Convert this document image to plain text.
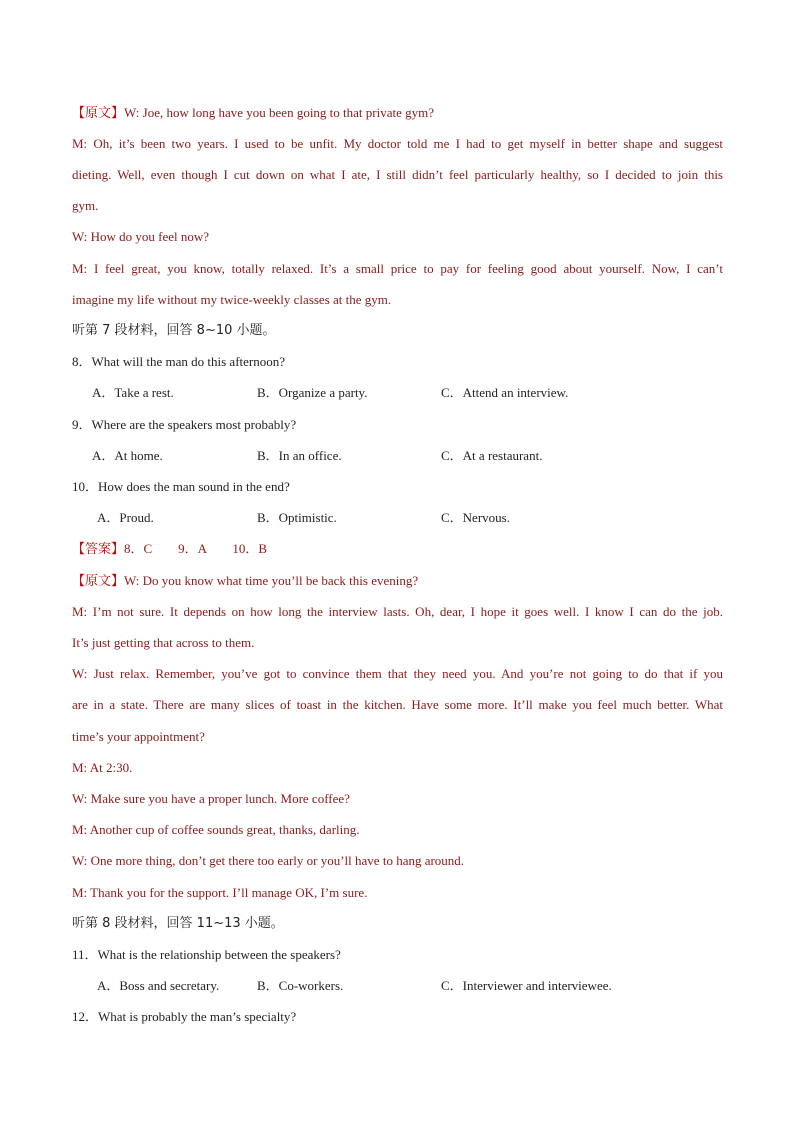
【原文】W: Joe, how long have you been going to that private gym?
M: Oh, it’s been two years. I used to be unfit. My doctor told me I had to get myself in better shape and suggest
dieting. Well, even though I cut down on what I ate, I still didn’t feel particularly healthy, so I decided to join this
gym.
W: How do you feel now?
M: I feel great, you know, totally relaxed. It’s a small price to pay for feeling good about yourself. Now, I can’t
imagine my life without my twice-weekly classes at the gym.
听第 7 段材料，回答 8~10 小题。
8．What will the man do this afternoon?
A．Take a rest.	B．Organize a party.	C．Attend an interview.
9．Where are the speakers most probably?
A．At home.	B．In an office.	C．At a restaurant.
10．How does the man sound in the end?
A．Proud.	B．Optimistic.	C．Nervous.
【答案】8．C　　9．A　　10．B
【原文】W: Do you know what time you’ll be back this evening?
M: I’m not sure. It depends on how long the interview lasts. Oh, dear, I hope it goes well. I know I can do the job.
It’s just getting that across to them.
W: Just relax. Remember, you’ve got to convince them that they need you. And you’re not going to do that if you
are in a state. There are many slices of toast in the kitchen. Have some more. It’ll make you feel much better. What
time’s your appointment?
M: At 2:30.
W: Make sure you have a proper lunch. More coffee?
M: Another cup of coffee sounds great, thanks, darling.
W: One more thing, don’t get there too early or you’ll have to hang around.
M: Thank you for the support. I’ll manage OK, I’m sure.
听第 8 段材料，回答 11~13 小题。
11．What is the relationship between the speakers?
A．Boss and secretary.	B．Co-workers.	C．Interviewer and interviewee.
12．What is probably the man’s specialty?
